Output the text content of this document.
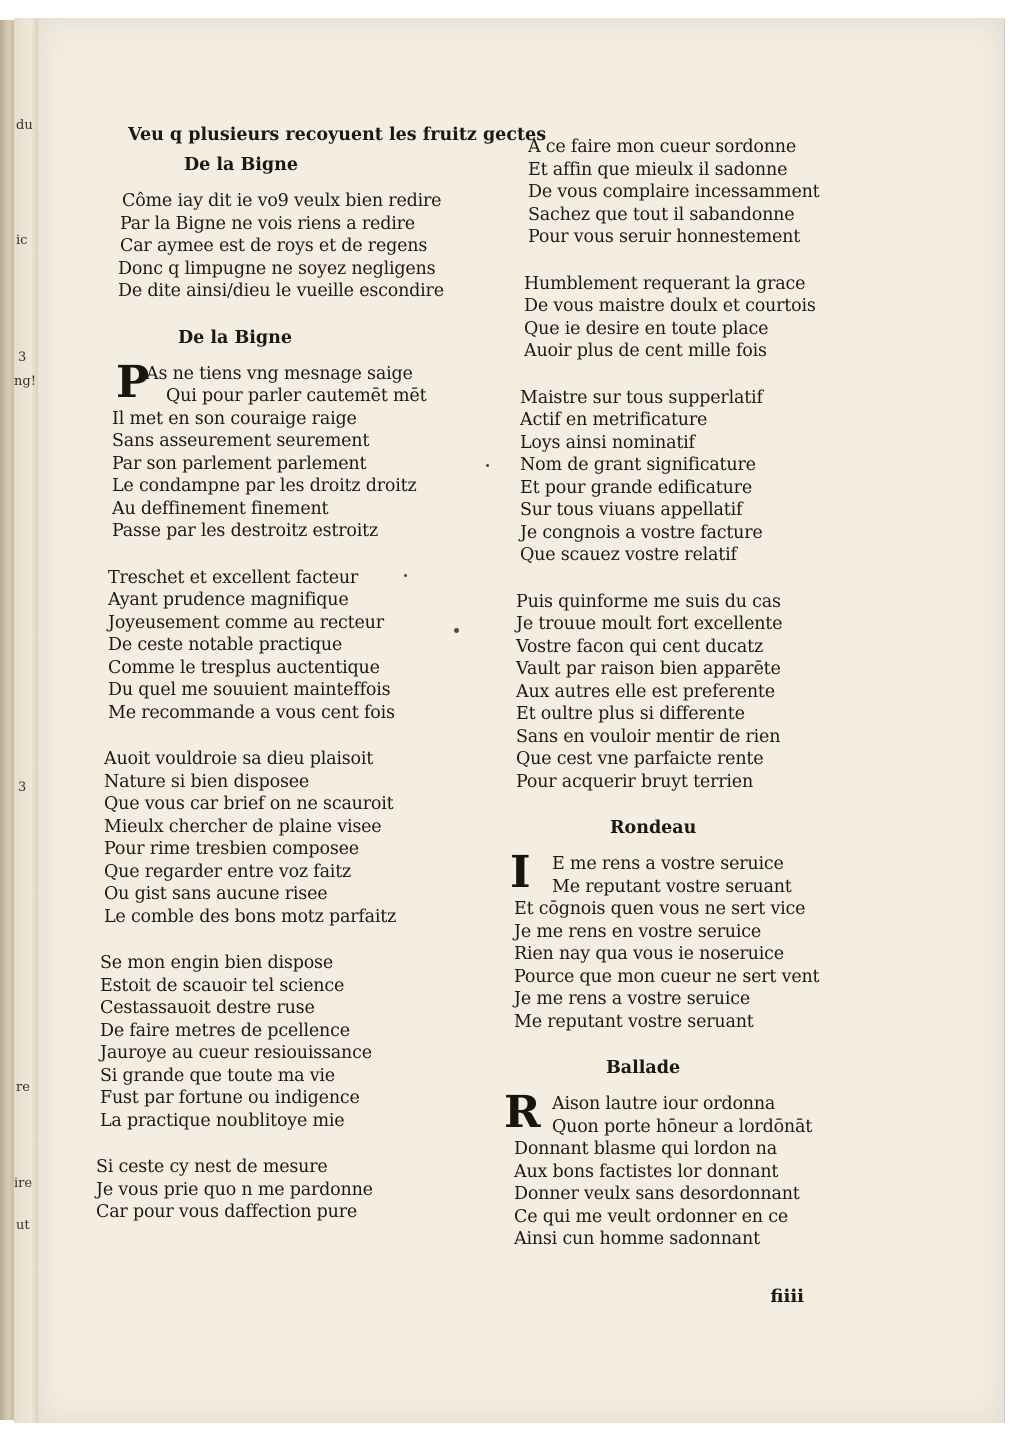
du
ic
3
ng!
3
re
ire
ut
Veu q plusieurs recoyuent les fruitz gectes
De la Bigne
Côme iay dit ie vo9 veulx bien redire
Par la Bigne ne vois riens a redire
Car aymee est de roys et de regens
Donc q limpugne ne soyez negligens
De dite ainsi/dieu le vueille escondire
De la Bigne
P
As ne tiens vng mesnage saige
Qui pour parler cautemēt mēt
Il met en son couraige raige
Sans asseurement seurement
Par son parlement parlement
Le condampne par les droitz droitz
Au deffinement finement
Passe par les destroitz estroitz
Treschet et excellent facteur
Ayant prudence magnifique
Joyeusement comme au recteur
De ceste notable practique
Comme le tresplus auctentique
Du quel me souuient mainteffois
Me recommande a vous cent fois
Auoit vouldroie sa dieu plaisoit
Nature si bien disposee
Que vous car brief on ne scauroit
Mieulx chercher de plaine visee
Pour rime tresbien composee
Que regarder entre voz faitz
Ou gist sans aucune risee
Le comble des bons motz parfaitz
Se mon engin bien dispose
Estoit de scauoir tel science
Cestassauoit destre ruse
De faire metres de pcellence
Jauroye au cueur resiouissance
Si grande que toute ma vie
Fust par fortune ou indigence
La practique noublitoye mie
Si ceste cy nest de mesure
Je vous prie quo n me pardonne
Car pour vous daffection pure
A ce faire mon cueur sordonne
Et affin que mieulx il sadonne
De vous complaire incessamment
Sachez que tout il sabandonne
Pour vous seruir honnestement
Humblement requerant la grace
De vous maistre doulx et courtois
Que ie desire en toute place
Auoir plus de cent mille fois
Maistre sur tous supperlatif
Actif en metrificature
Loys ainsi nominatif
Nom de grant significature
Et pour grande edificature
Sur tous viuans appellatif
Je congnois a vostre facture
Que scauez vostre relatif
Puis quinforme me suis du cas
Je trouue moult fort excellente
Vostre facon qui cent ducatz
Vault par raison bien apparēte
Aux autres elle est preferente
Et oultre plus si differente
Sans en vouloir mentir de rien
Que cest vne parfaicte rente
Pour acquerir bruyt terrien
Rondeau
I	E me rens a vostre seruice
Me reputant vostre seruant
Et cōgnois quen vous ne sert vice
Je me rens en vostre seruice
Rien nay qua vous ie noseruice
Pource que mon cueur ne sert vent
Je me rens a vostre seruice
Me reputant vostre seruant
Ballade
R Aison lautre iour ordonna
Quon porte hōneur a lordōnāt
Donnant blasme qui lordon na
Aux bons factistes lor donnant
Donner veulx sans desordonnant
Ce qui me veult ordonner en ce
Ainsi cun homme sadonnant
fiiii
